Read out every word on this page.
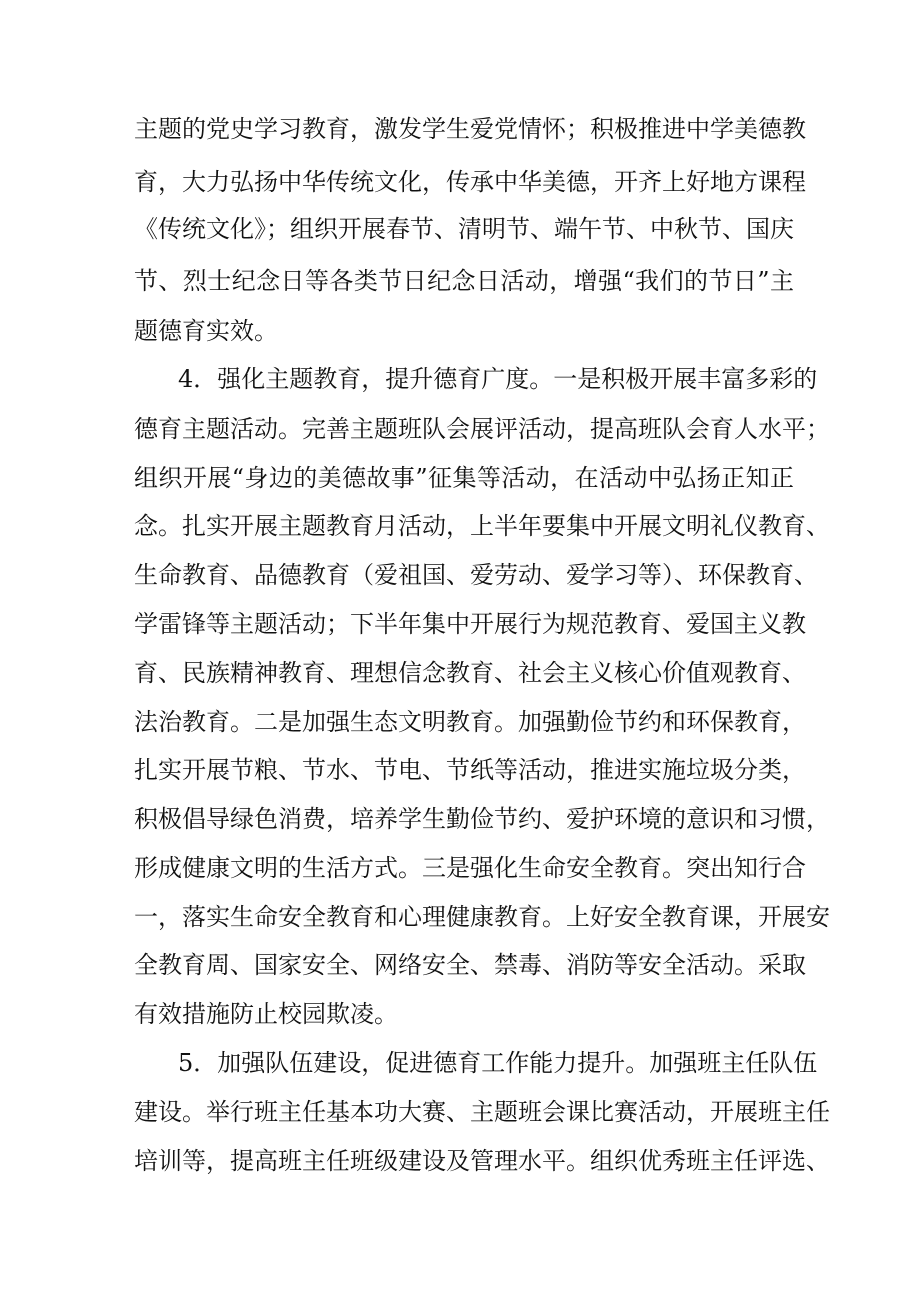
主题的党史学习教育，激发学生爱党情怀；积极推进中学美德教
育，大力弘扬中华传统文化，传承中华美德，开齐上好地方课程
《传统文化》；组织开展春节、清明节、端午节、中秋节、国庆
节、烈士纪念日等各类节日纪念日活动，增强“我们的节日”主
题德育实效。
4．强化主题教育，提升德育广度。一是积极开展丰富多彩的
德育主题活动。完善主题班队会展评活动，提高班队会育人水平；
组织开展“身边的美德故事”征集等活动，在活动中弘扬正知正
念。扎实开展主题教育月活动，上半年要集中开展文明礼仪教育、
生命教育、品德教育（爱祖国、爱劳动、爱学习等）、环保教育、
学雷锋等主题活动；下半年集中开展行为规范教育、爱国主义教
育、民族精神教育、理想信念教育、社会主义核心价值观教育、
法治教育。二是加强生态文明教育。加强勤俭节约和环保教育，
扎实开展节粮、节水、节电、节纸等活动，推进实施垃圾分类，
积极倡导绿色消费，培养学生勤俭节约、爱护环境的意识和习惯，
形成健康文明的生活方式。三是强化生命安全教育。突出知行合
一，落实生命安全教育和心理健康教育。上好安全教育课，开展安
全教育周、国家安全、网络安全、禁毒、消防等安全活动。采取
有效措施防止校园欺凌。
5．加强队伍建设，促进德育工作能力提升。加强班主任队伍
建设。举行班主任基本功大赛、主题班会课比赛活动，开展班主任
培训等，提高班主任班级建设及管理水平。组织优秀班主任评选、
